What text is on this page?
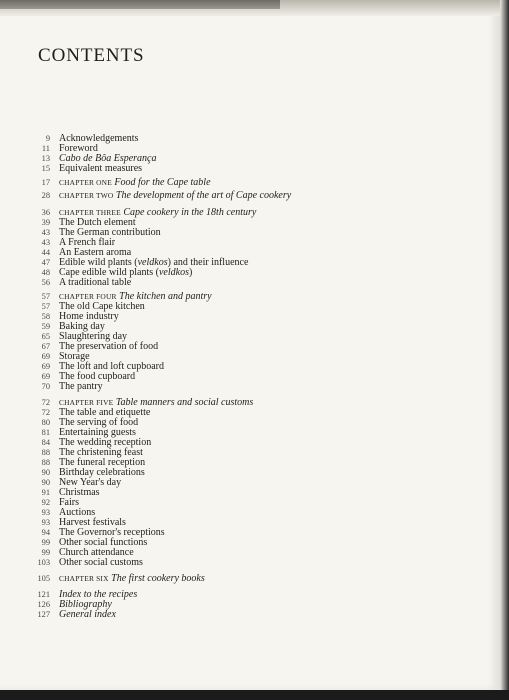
CONTENTS
9 Acknowledgements
11 Foreword
13 Cabo de Bôa Esperança
15 Equivalent measures
17 CHAPTER ONE Food for the Cape table
28 CHAPTER TWO The development of the art of Cape cookery
36 CHAPTER THREE Cape cookery in the 18th century
39 The Dutch element
43 The German contribution
43 A French flair
44 An Eastern aroma
47 Edible wild plants (veldkos) and their influence
48 Cape edible wild plants (veldkos)
56 A traditional table
57 CHAPTER FOUR The kitchen and pantry
57 The old Cape kitchen
58 Home industry
59 Baking day
65 Slaughtering day
67 The preservation of food
69 Storage
69 The loft and loft cupboard
69 The food cupboard
70 The pantry
72 CHAPTER FIVE Table manners and social customs
72 The table and etiquette
80 The serving of food
81 Entertaining guests
84 The wedding reception
88 The christening feast
88 The funeral reception
90 Birthday celebrations
90 New Year's day
91 Christmas
92 Fairs
93 Auctions
93 Harvest festivals
94 The Governor's receptions
99 Other social functions
99 Church attendance
103 Other social customs
105 CHAPTER SIX The first cookery books
121 Index to the recipes
126 Bibliography
127 General index
